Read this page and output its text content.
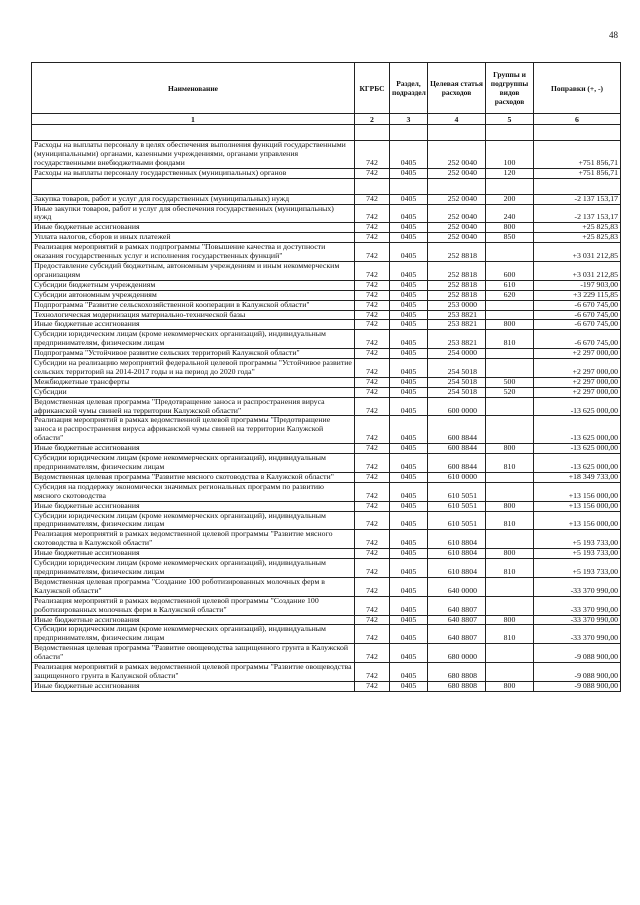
48
Наименование	КГРБС	Раздел, подраздел	Целевая статья расходов	Группы и подгруппы видов расходов	Поправки (+, -)
1	2	3	4	5	6

Расходы на выплаты персоналу в целях обеспечения выполнения функций государственными (муниципальными) органами, казенными учреждениями, органами управления государственными внебюджетными фондами	742	0405	252 0040	100	+751 856,71
Расходы на выплаты персоналу государственных (муниципальных) органов	742	0405	252 0040	120	+751 856,71

Закупка товаров, работ и услуг для государственных (муниципальных) нужд	742	0405	252 0040	200	-2 137 153,17
Иные закупки товаров, работ и услуг для обеспечения государственных (муниципальных) нужд	742	0405	252 0040	240	-2 137 153,17
Иные бюджетные ассигнования	742	0405	252 0040	800	+25 825,83
Уплата налогов, сборов и иных платежей	742	0405	252 0040	850	+25 825,83
Реализация мероприятий в рамках подпрограммы "Повышение качества и доступности оказания государственных услуг и исполнения государственных функций"	742	0405	252 8818		+3 031 212,85
Предоставление субсидий бюджетным, автономным учреждениям и иным некоммерческим организациям	742	0405	252 8818	600	+3 031 212,85
Субсидии бюджетным учреждениям	742	0405	252 8818	610	-197 903,00
Субсидии автономным учреждениям	742	0405	252 8818	620	+3 229 115,85
Подпрограмма "Развитие сельскохозяйственной кооперации в Калужской области"	742	0405	253 0000		-6 670 745,00
Технологическая модернизация материально-технической базы	742	0405	253 8821		-6 670 745,00
Иные бюджетные ассигнования	742	0405	253 8821	800	-6 670 745,00
Субсидии юридическим лицам (кроме некоммерческих организаций), индивидуальным предпринимателям, физическим лицам	742	0405	253 8821	810	-6 670 745,00
Подпрограмма "Устойчивое развитие сельских территорий Калужской области"	742	0405	254 0000		+2 297 000,00
Субсидии на реализацию мероприятий федеральной целевой программы "Устойчивое развитие сельских территорий на 2014-2017 годы и на период до 2020 года"	742	0405	254 5018		+2 297 000,00
Межбюджетные трансферты	742	0405	254 5018	500	+2 297 000,00
Субсидии	742	0405	254 5018	520	+2 297 000,00
Ведомственная целевая программа "Предотвращение заноса и распространения вируса африканской чумы свиней на территории Калужской области"	742	0405	600 0000		-13 625 000,00
Реализация мероприятий в рамках ведомственной целевой программы "Предотвращение заноса и распространения вируса африканской чумы свиней на территории Калужской области"	742	0405	600 8844		-13 625 000,00
Иные бюджетные ассигнования	742	0405	600 8844	800	-13 625 000,00
Субсидии юридическим лицам (кроме некоммерческих организаций), индивидуальным предпринимателям, физическим лицам	742	0405	600 8844	810	-13 625 000,00
Ведомственная целевая программа "Развитие мясного скотоводства в Калужской области"	742	0405	610 0000		+18 349 733,00
Субсидия на поддержку экономически значимых региональных программ по развитию мясного скотоводства	742	0405	610 5051		+13 156 000,00
Иные бюджетные ассигнования	742	0405	610 5051	800	+13 156 000,00
Субсидии юридическим лицам (кроме некоммерческих организаций), индивидуальным предпринимателям, физическим лицам	742	0405	610 5051	810	+13 156 000,00
Реализация мероприятий в рамках ведомственной целевой программы "Развитие мясного скотоводства в Калужской области"	742	0405	610 8804		+5 193 733,00
Иные бюджетные ассигнования	742	0405	610 8804	800	+5 193 733,00
Субсидии юридическим лицам (кроме некоммерческих организаций), индивидуальным предпринимателям, физическим лицам	742	0405	610 8804	810	+5 193 733,00
Ведомственная целевая программа "Создание 100 роботизированных молочных ферм в Калужской области"	742	0405	640 0000		-33 370 990,00
Реализация мероприятий в рамках ведомственной целевой программы "Создание 100 роботизированных молочных ферм в Калужской области"	742	0405	640 8807		-33 370 990,00
Иные бюджетные ассигнования	742	0405	640 8807	800	-33 370 990,00
Субсидии юридическим лицам (кроме некоммерческих организаций), индивидуальным предпринимателям, физическим лицам	742	0405	640 8807	810	-33 370 990,00
Ведомственная целевая программа "Развитие овощеводства защищенного грунта в Калужской области"	742	0405	680 0000		-9 088 900,00
Реализация мероприятий в рамках ведомственной целевой программы "Развитие овощеводства защищенного грунта в Калужской области"	742	0405	680 8808		-9 088 900,00
Иные бюджетные ассигнования	742	0405	680 8808	800	-9 088 900,00
